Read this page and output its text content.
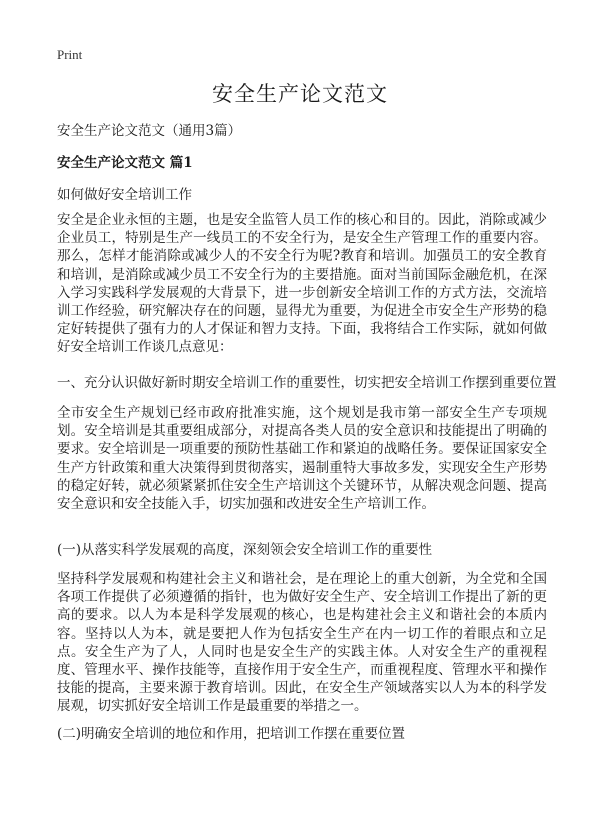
Print
安全生产论文范文
安全生产论文范文（通用3篇）
安全生产论文范文 篇1
如何做好安全培训工作
安全是企业永恒的主题，也是安全监管人员工作的核心和目的。因此，消除或减少企业员工，特别是生产一线员工的不安全行为，是安全生产管理工作的重要内容。那么，怎样才能消除或减少人的不安全行为呢?教育和培训。加强员工的安全教育和培训，是消除或减少员工不安全行为的主要措施。面对当前国际金融危机，在深入学习实践科学发展观的大背景下，进一步创新安全培训工作的方式方法，交流培训工作经验，研究解决存在的问题，显得尤为重要，为促进全市安全生产形势的稳定好转提供了强有力的人才保证和智力支持。下面，我将结合工作实际，就如何做好安全培训工作谈几点意见：
一、充分认识做好新时期安全培训工作的重要性，切实把安全培训工作摆到重要位置
全市安全生产规划已经市政府批准实施，这个规划是我市第一部安全生产专项规划。安全培训是其重要组成部分，对提高各类人员的安全意识和技能提出了明确的要求。安全培训是一项重要的预防性基础工作和紧迫的战略任务。要保证国家安全生产方针政策和重大决策得到贯彻落实，遏制重特大事故多发，实现安全生产形势的稳定好转，就必须紧紧抓住安全生产培训这个关键环节，从解决观念问题、提高安全意识和安全技能入手，切实加强和改进安全生产培训工作。
(一)从落实科学发展观的高度，深刻领会安全培训工作的重要性
坚持科学发展观和构建社会主义和谐社会，是在理论上的重大创新，为全党和全国各项工作提供了必须遵循的指针，也为做好安全生产、安全培训工作提出了新的更高的要求。以人为本是科学发展观的核心，也是构建社会主义和谐社会的本质内容。坚持以人为本，就是要把人作为包括安全生产在内一切工作的着眼点和立足点。安全生产为了人，人同时也是安全生产的实践主体。人对安全生产的重视程度、管理水平、操作技能等，直接作用于安全生产，而重视程度、管理水平和操作技能的提高，主要来源于教育培训。因此，在安全生产领域落实以人为本的科学发展观，切实抓好安全培训工作是最重要的举措之一。
(二)明确安全培训的地位和作用，把培训工作摆在重要位置
